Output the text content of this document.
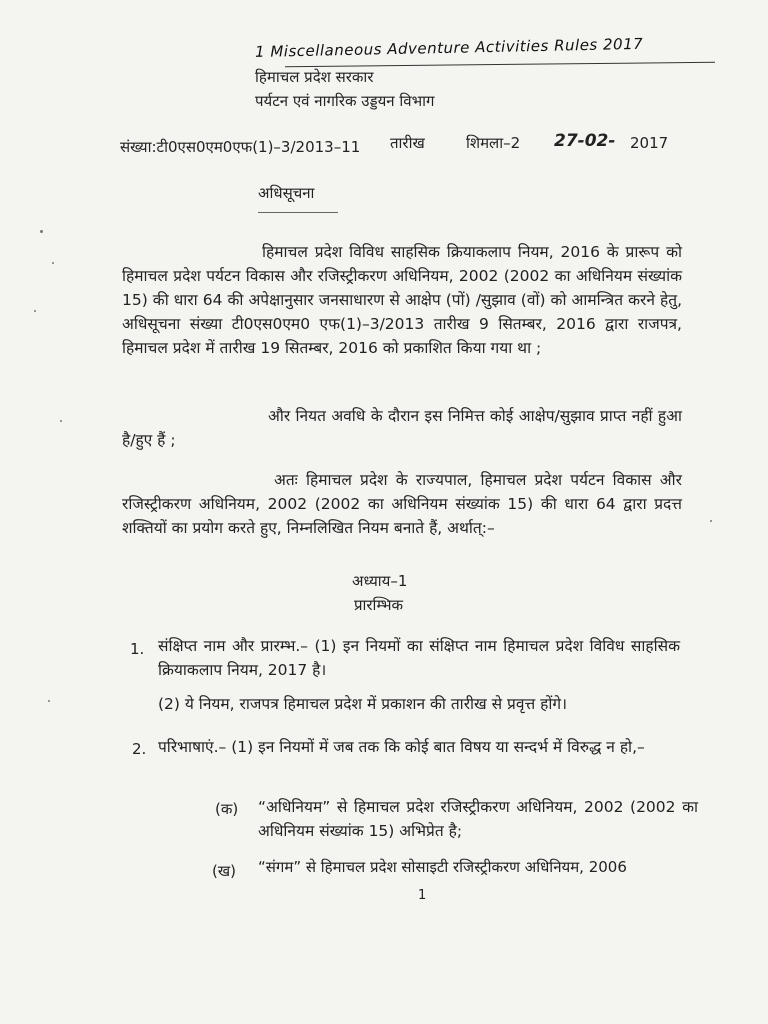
1 Miscellaneous Adventure Activities Rules 2017
हिमाचल प्रदेश सरकार
पर्यटन एवं नागरिक उड्डयन विभाग
संख्या:टी0एस0एम0एफ(1)–3/2013–11 तारीख	शिमला–2 27-02- 2017
अधिसूचना
हिमाचल प्रदेश विविध साहसिक क्रियाकलाप नियम, 2016 के प्रारूप को हिमाचल प्रदेश पर्यटन विकास और रजिस्ट्रीकरण अधिनियम, 2002 (2002 का अधिनियम संख्यांक 15) की धारा 64 की अपेक्षानुसार जनसाधारण से आक्षेप (पों) /सुझाव (वों) को आमन्त्रित करने हेतु, अधिसूचना संख्या टी0एस0एम0 एफ(1)–3/2013 तारीख 9 सितम्बर, 2016 द्वारा राजपत्र, हिमाचल प्रदेश में तारीख 19 सितम्बर, 2016 को प्रकाशित किया गया था ;
और नियत अवधि के दौरान इस निमित्त कोई आक्षेप/सुझाव प्राप्त नहीं हुआ है/हुए हैं ;
अतः हिमाचल प्रदेश के राज्यपाल, हिमाचल प्रदेश पर्यटन विकास और रजिस्ट्रीकरण अधिनियम, 2002 (2002 का अधिनियम संख्यांक 15) की धारा 64 द्वारा प्रदत्त शक्तियों का प्रयोग करते हुए, निम्नलिखित नियम बनाते हैं, अर्थात्:–
अध्याय–1
प्रारम्भिक
1. संक्षिप्त नाम और प्रारम्भ.– (1) इन नियमों का संक्षिप्त नाम हिमाचल प्रदेश विविध साहसिक क्रियाकलाप नियम, 2017 है।
(2) ये नियम, राजपत्र हिमाचल प्रदेश में प्रकाशन की तारीख से प्रवृत्त होंगे।
2. परिभाषाएं.– (1) इन नियमों में जब तक कि कोई बात विषय या सन्दर्भ में विरुद्ध न हो,–
(क) “अधिनियम” से हिमाचल प्रदेश रजिस्ट्रीकरण अधिनियम, 2002 (2002 का अधिनियम संख्यांक 15) अभिप्रेत है;
(ख) “संगम” से हिमाचल प्रदेश सोसाइटी रजिस्ट्रीकरण अधिनियम, 2006
1
